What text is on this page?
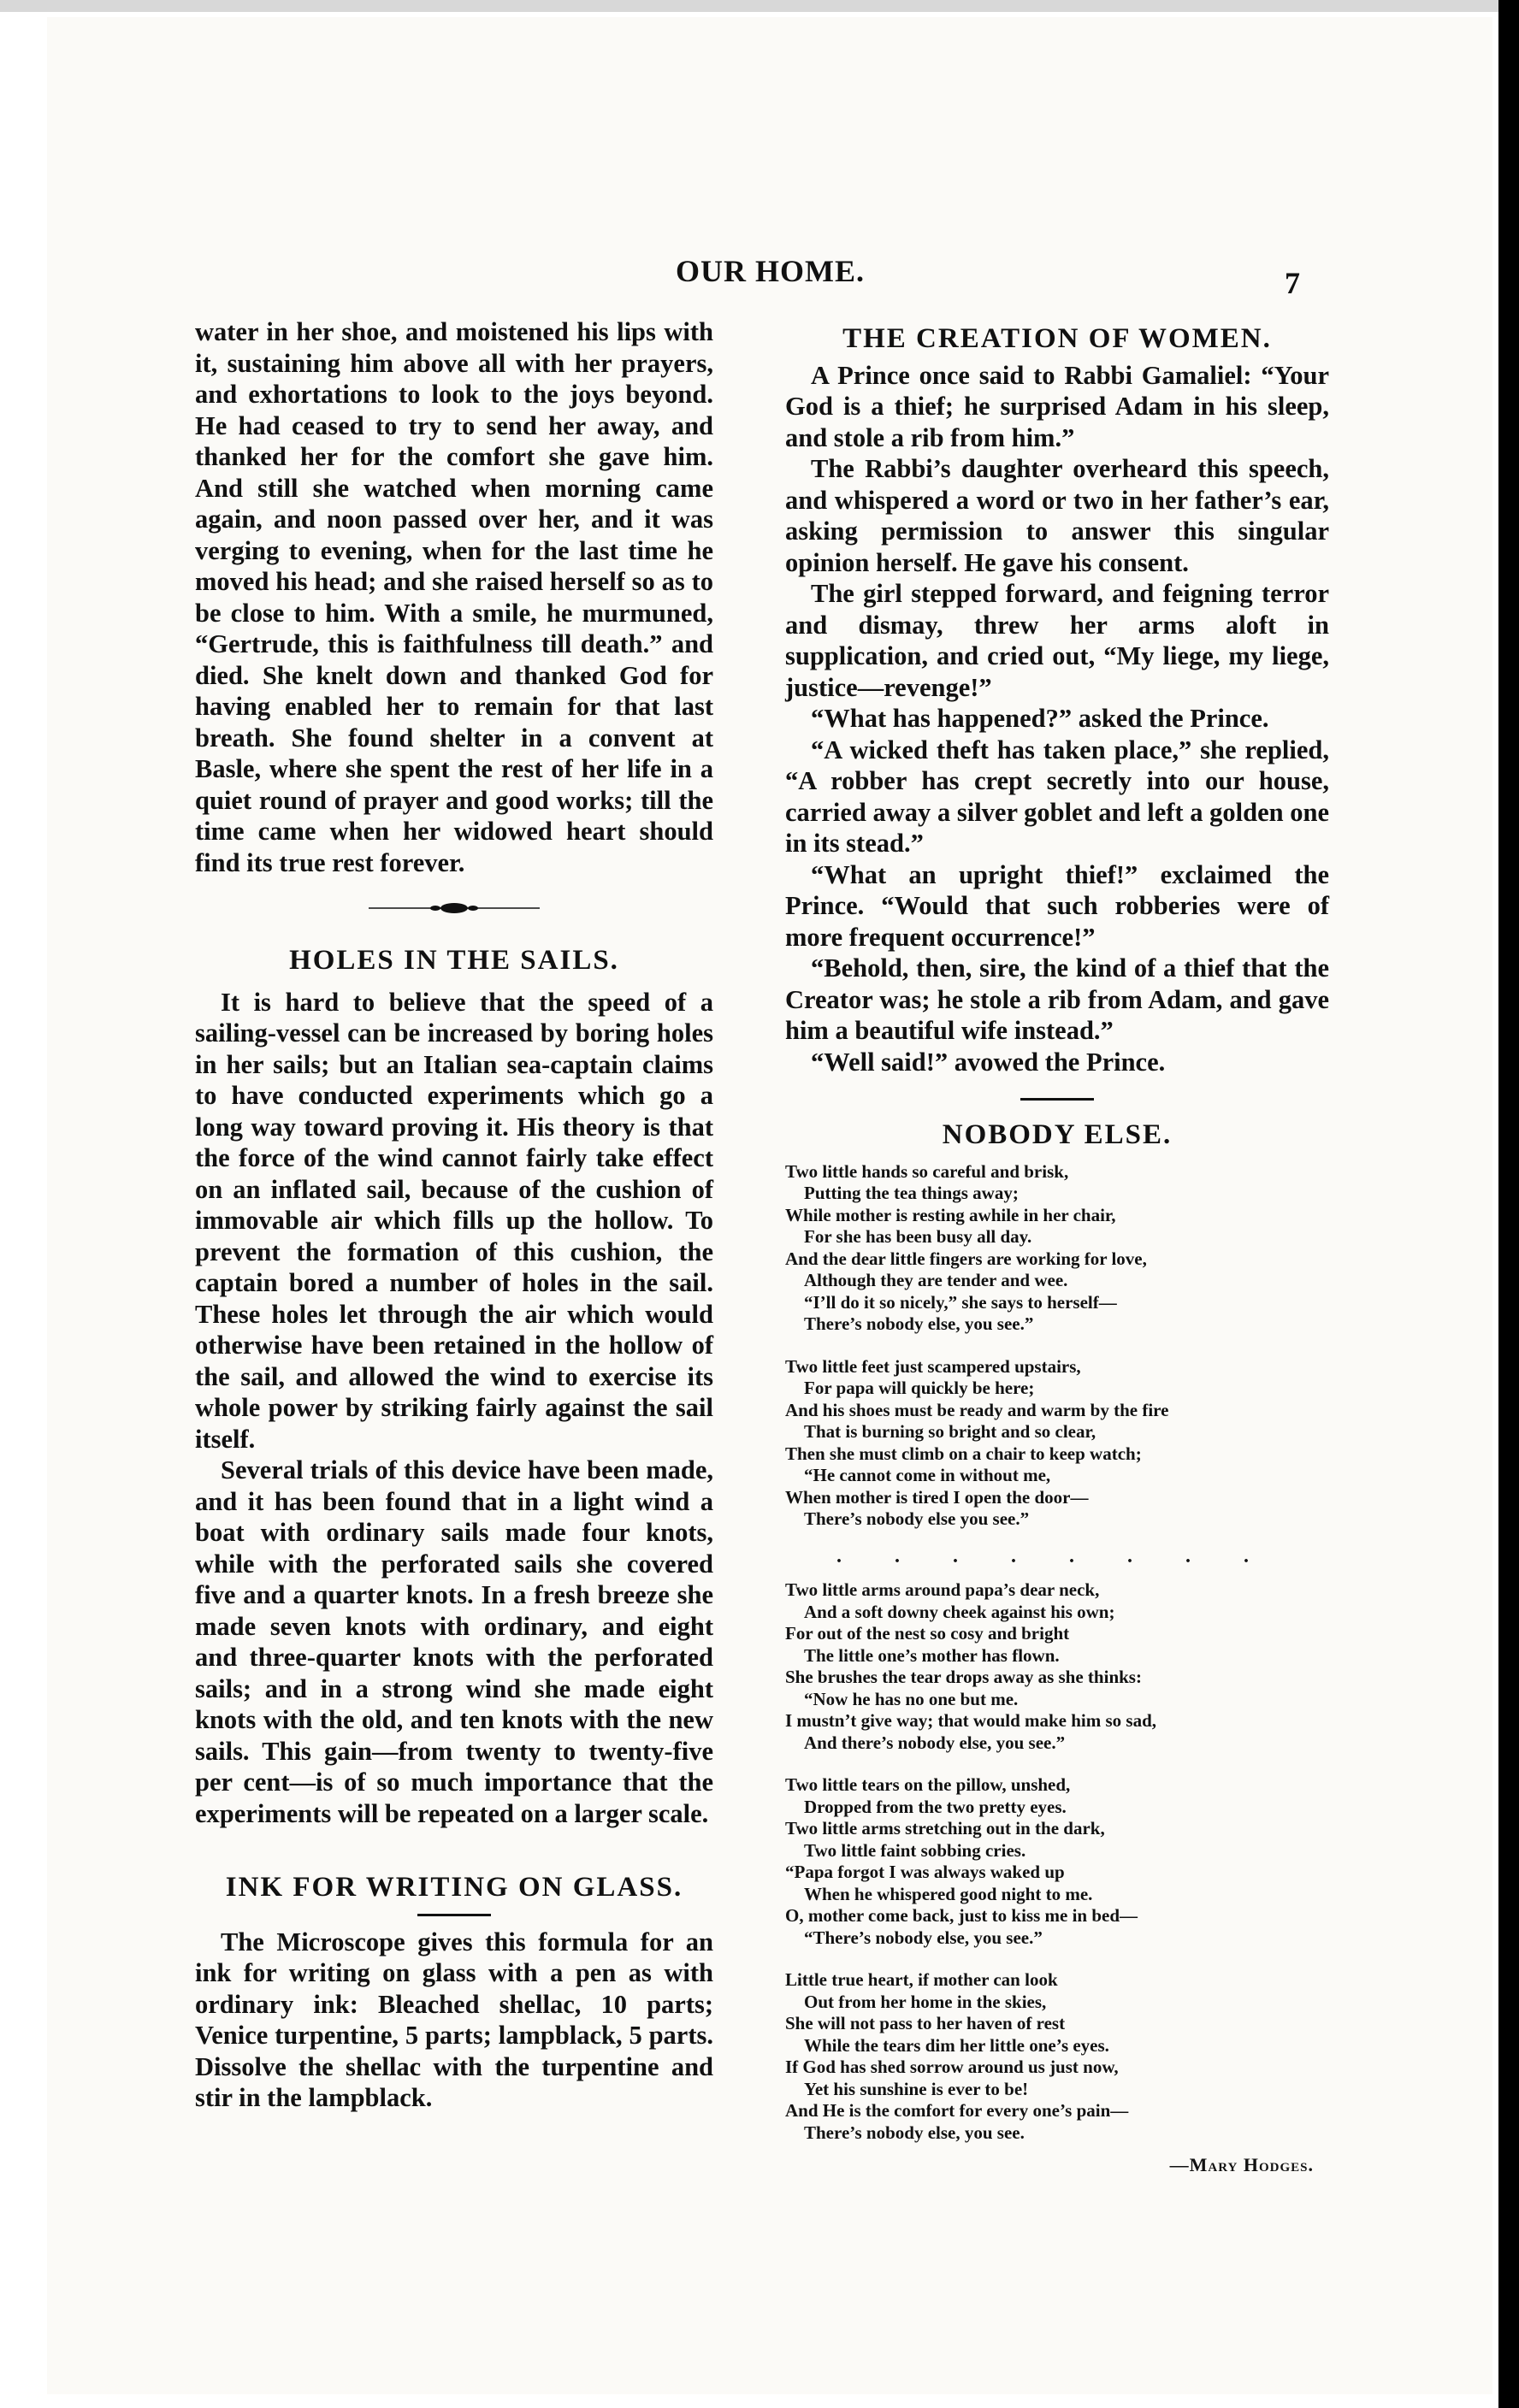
OUR HOME.	7

water in her shoe, and moistened his lips with it, sustaining him above all with her prayers, and exhortations to look to the joys beyond. He had ceased to try to send her away, and thanked her for the comfort she gave him. And still she watched when morning came again, and noon passed over her, and it was verging to evening, when for the last time he moved his head; and she raised herself so as to be close to him. With a smile, he murmuned, “Gertrude, this is faithfulness till death.” and died. She knelt down and thanked God for having enabled her to remain for that last breath. She found shelter in a convent at Basle, where she spent the rest of her life in a quiet round of prayer and good works; till the time came when her widowed heart should find its true rest forever.

HOLES IN THE SAILS.

It is hard to believe that the speed of a sailing-vessel can be increased by boring holes in her sails; but an Italian sea-captain claims to have conducted experiments which go a long way toward proving it. His theory is that the force of the wind cannot fairly take effect on an inflated sail, because of the cushion of immovable air which fills up the hollow. To prevent the formation of this cushion, the captain bored a number of holes in the sail. These holes let through the air which would otherwise have been retained in the hollow of the sail, and allowed the wind to exercise its whole power by striking fairly against the sail itself.

Several trials of this device have been made, and it has been found that in a light wind a boat with ordinary sails made four knots, while with the perforated sails she covered five and a quarter knots. In a fresh breeze she made seven knots with ordinary, and eight and three-quarter knots with the perforated sails; and in a strong wind she made eight knots with the old, and ten knots with the new sails. This gain—from twenty to twenty-five per cent—is of so much importance that the experiments will be repeated on a larger scale.

INK FOR WRITING ON GLASS.

The Microscope gives this formula for an ink for writing on glass with a pen as with ordinary ink: Bleached shellac, 10 parts; Venice turpentine, 5 parts; lampblack, 5 parts. Dissolve the shellac with the turpentine and stir in the lampblack.

THE CREATION OF WOMEN.

A Prince once said to Rabbi Gamaliel: “Your God is a thief; he surprised Adam in his sleep, and stole a rib from him.”

The Rabbi’s daughter overheard this speech, and whispered a word or two in her father’s ear, asking permission to answer this singular opinion herself. He gave his consent.

The girl stepped forward, and feigning terror and dismay, threw her arms aloft in supplication, and cried out, “My liege, my liege, justice—revenge!”

“What has happened?” asked the Prince.

“A wicked theft has taken place,” she replied, “A robber has crept secretly into our house, carried away a silver goblet and left a golden one in its stead.”

“What an upright thief!” exclaimed the Prince. “Would that such robberies were of more frequent occurrence!”

“Behold, then, sire, the kind of a thief that the Creator was; he stole a rib from Adam, and gave him a beautiful wife instead.”

“Well said!” avowed the Prince.

NOBODY ELSE.
Two little hands so careful and brisk,
Putting the tea things away;
While mother is resting awhile in her chair,
For she has been busy all day.
And the dear little fingers are working for love,
Although they are tender and wee.
“I’ll do it so nicely,” she says to herself—
There’s nobody else, you see.”
Two little feet just scampered upstairs,
For papa will quickly be here;
And his shoes must be ready and warm by the fire
That is burning so bright and so clear,
Then she must climb on a chair to keep watch;
“He cannot come in without me,
When mother is tired I open the door—
There’s nobody else you see.”
. . . . . . . .
Two little arms around papa’s dear neck,
And a soft downy cheek against his own;
For out of the nest so cosy and bright
The little one’s mother has flown.
She brushes the tear drops away as she thinks:
“Now he has no one but me.
I mustn’t give way; that would make him so sad,
And there’s nobody else, you see.”
Two little tears on the pillow, unshed,
Dropped from the two pretty eyes.
Two little arms stretching out in the dark,
Two little faint sobbing cries.
“Papa forgot I was always waked up
When he whispered good night to me.
O, mother come back, just to kiss me in bed—
“There’s nobody else, you see.”
Little true heart, if mother can look
Out from her home in the skies,
She will not pass to her haven of rest
While the tears dim her little one’s eyes.
If God has shed sorrow around us just now,
Yet his sunshine is ever to be!
And He is the comfort for every one’s pain—
There’s nobody else, you see.
—Mary Hodges.
